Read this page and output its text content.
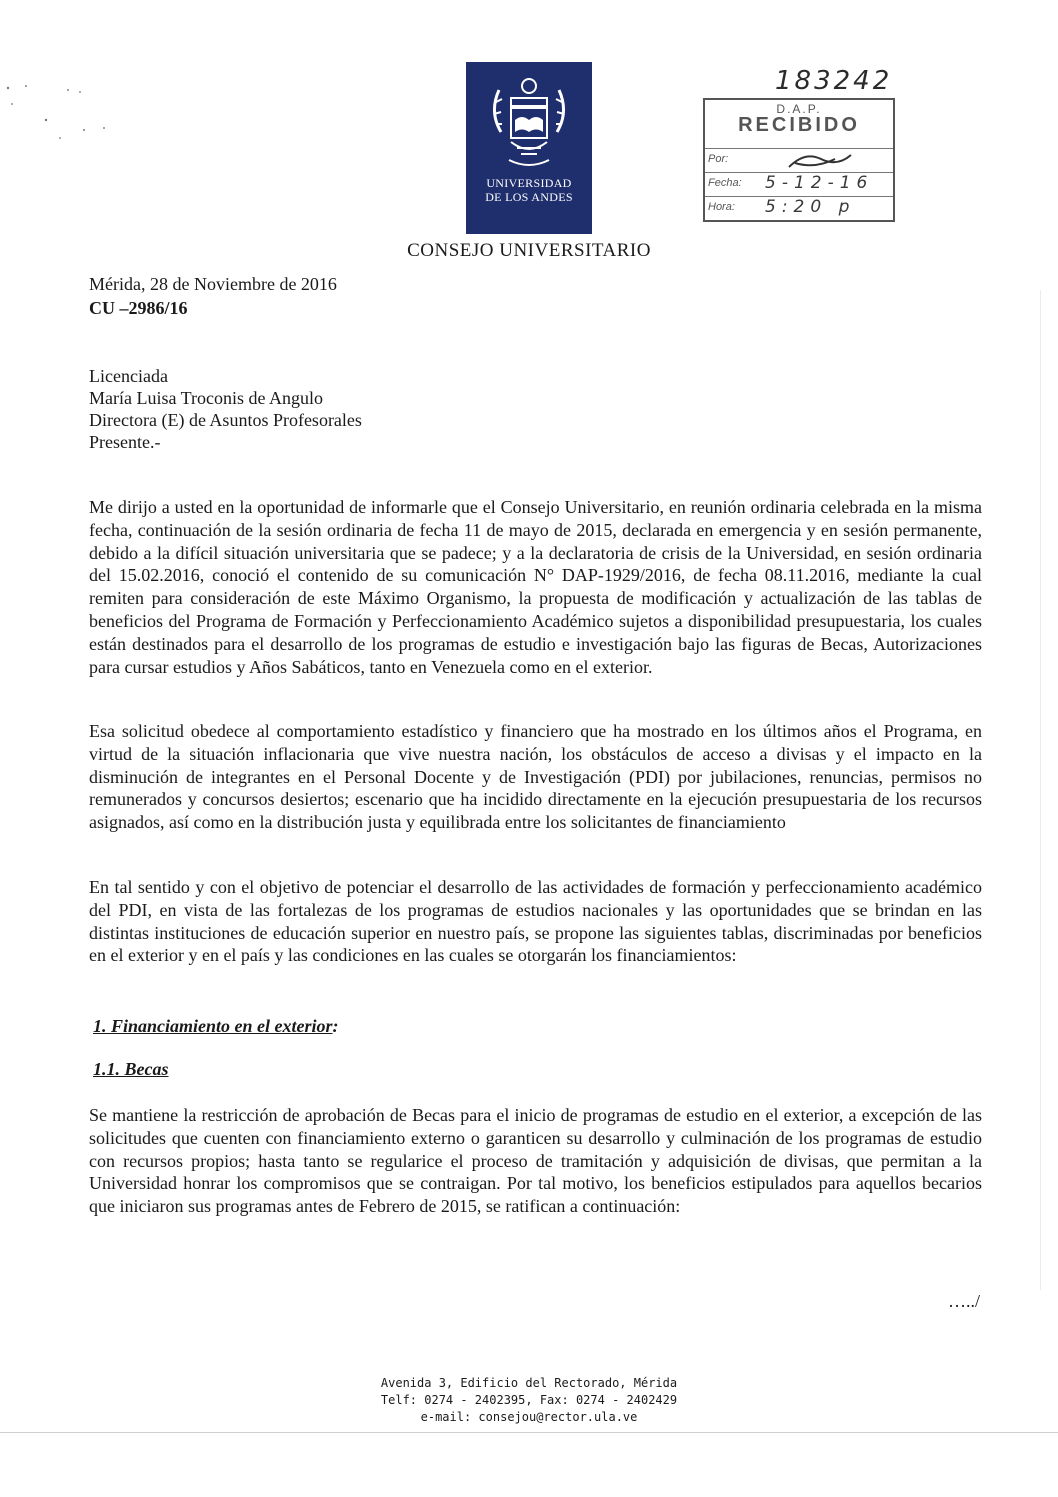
UNIVERSIDAD
DE LOS ANDES
183242
D.A.P.
RECIBIDO
Por:
Fecha: 5-12-16
Hora: 5:20 p
CONSEJO UNIVERSITARIO
Mérida, 28 de Noviembre de 2016
CU –2986/16
Licenciada
María Luisa Troconis de Angulo
Directora (E) de Asuntos Profesorales
Presente.-
Me dirijo a usted en la oportunidad de informarle que el Consejo Universitario, en reunión ordinaria celebrada en la misma fecha, continuación de la sesión ordinaria de fecha 11 de mayo de 2015, declarada en emergencia y en sesión permanente, debido a la difícil situación universitaria que se padece; y a la declaratoria de crisis de la Universidad, en sesión ordinaria del 15.02.2016, conoció el contenido de su comunicación N° DAP-1929/2016, de fecha 08.11.2016, mediante la cual remiten para consideración de este Máximo Organismo, la propuesta de modificación y actualización de las tablas de beneficios del Programa de Formación y Perfeccionamiento Académico sujetos a disponibilidad presupuestaria, los cuales están destinados para el desarrollo de los programas de estudio e investigación bajo las figuras de Becas, Autorizaciones para cursar estudios y Años Sabáticos, tanto en Venezuela como en el exterior.
Esa solicitud obedece al comportamiento estadístico y financiero que ha mostrado en los últimos años el Programa, en virtud de la situación inflacionaria que vive nuestra nación, los obstáculos de acceso a divisas y el impacto en la disminución de integrantes en el Personal Docente y de Investigación (PDI) por jubilaciones, renuncias, permisos no remunerados y concursos desiertos; escenario que ha incidido directamente en la ejecución presupuestaria de los recursos asignados, así como en la distribución justa y equilibrada entre los solicitantes de financiamiento
En tal sentido y con el objetivo de potenciar el desarrollo de las actividades de formación y perfeccionamiento académico del PDI, en vista de las fortalezas de los programas de estudios nacionales y las oportunidades que se brindan en las distintas instituciones de educación superior en nuestro país, se propone las siguientes tablas, discriminadas por beneficios en el exterior y en el país y las condiciones en las cuales se otorgarán los financiamientos:
1. Financiamiento en el exterior:
1.1. Becas
Se mantiene la restricción de aprobación de Becas para el inicio de programas de estudio en el exterior, a excepción de las solicitudes que cuenten con financiamiento externo o garanticen su desarrollo y culminación de los programas de estudio con recursos propios; hasta tanto se regularice el proceso de tramitación y adquisición de divisas, que permitan a la Universidad honrar los compromisos que se contraigan. Por tal motivo, los beneficios estipulados para aquellos becarios que iniciaron sus programas antes de Febrero de 2015, se ratifican a continuación:
…../
Avenida 3, Edificio del Rectorado, Mérida
Telf: 0274 - 2402395, Fax: 0274 - 2402429
e-mail: consejou@rector.ula.ve
